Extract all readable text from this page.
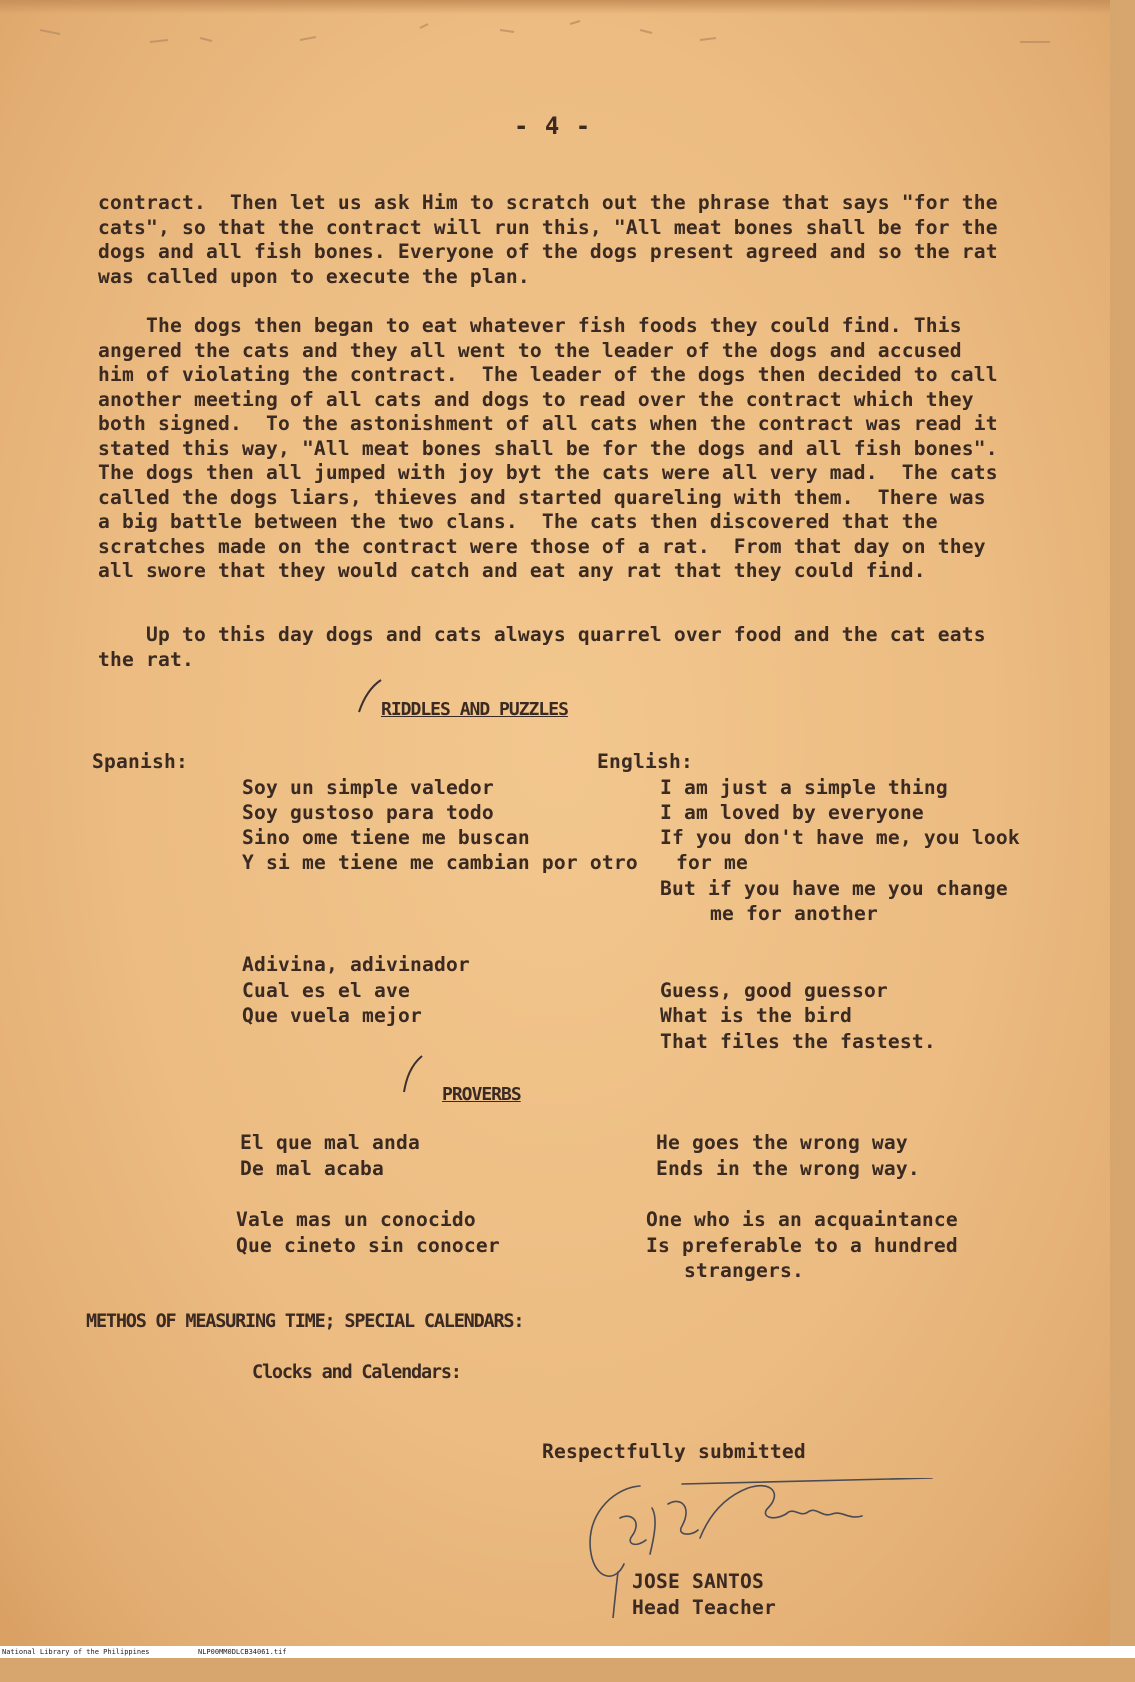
- 4 -
contract.  Then let us ask Him to scratch out the phrase that says "for the
cats", so that the contract will run this, "All meat bones shall be for the
dogs and all fish bones. Everyone of the dogs present agreed and so the rat
was called upon to execute the plan.
The dogs then began to eat whatever fish foods they could find. This
angered the cats and they all went to the leader of the dogs and accused
him of violating the contract.  The leader of the dogs then decided to call
another meeting of all cats and dogs to read over the contract which they
both signed.  To the astonishment of all cats when the contract was read it
stated this way, "All meat bones shall be for the dogs and all fish bones".
The dogs then all jumped with joy byt the cats were all very mad.  The cats
called the dogs liars, thieves and started quareling with them.  There was
a big battle between the two clans.  The cats then discovered that the
scratches made on the contract were those of a rat.  From that day on they
all swore that they would catch and eat any rat that they could find.
Up to this day dogs and cats always quarrel over food and the cat eats
the rat.
RIDDLES AND PUZZLES
Spanish:	English:
Soy un simple valedor
Soy gustoso para todo
Sino ome tiene me buscan
Y si me tiene me cambian por otro
I am just a simple thing
I am loved by everyone
If you don't have me, you look
for me
But if you have me you change
me for another
Adivina, adivinador
Cual es el ave
Que vuela mejor
Guess, good guessor
What is the bird
That files the fastest.
PROVERBS
El que mal anda
De mal acaba
He goes the wrong way
Ends in the wrong way.
Vale mas un conocido
Que cineto sin conocer
One who is an acquaintance
Is preferable to a hundred
strangers.
METHOS OF MEASURING TIME; SPECIAL CALENDARS:
Clocks and Calendars:
Respectfully submitted
JOSE SANTOS
Head Teacher

National Library of the Philippines

	NLP00MM0DLCB34061.tif
